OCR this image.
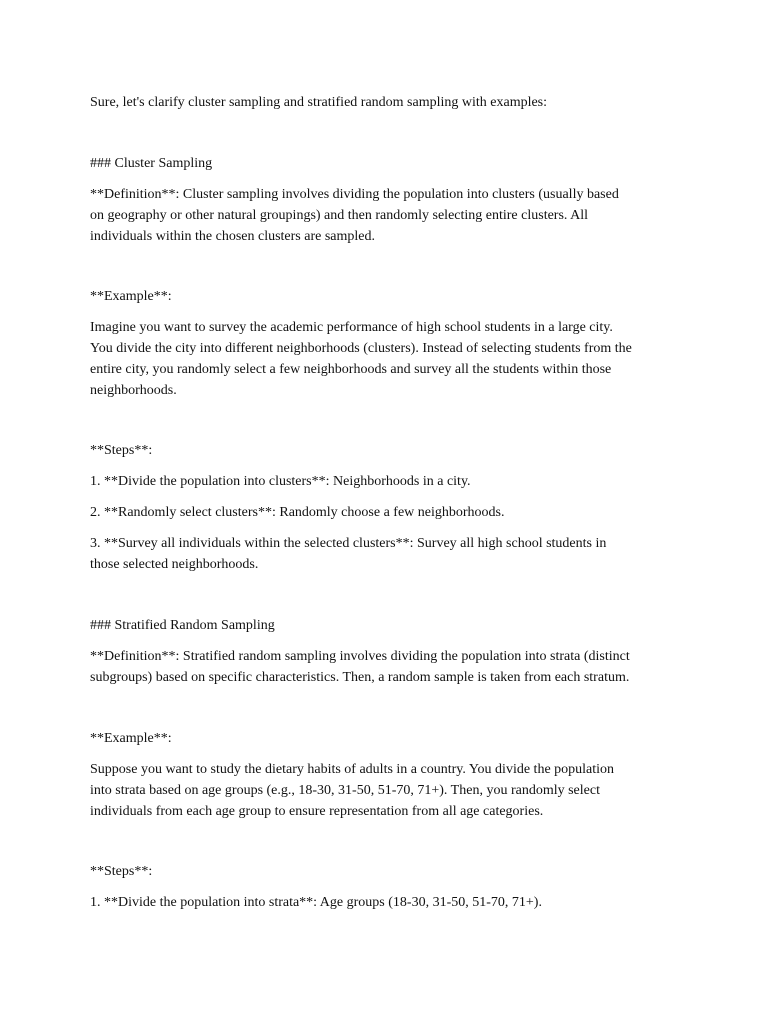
Sure, let's clarify cluster sampling and stratified random sampling with examples:

### Cluster Sampling

**Definition**: Cluster sampling involves dividing the population into clusters (usually based
on geography or other natural groupings) and then randomly selecting entire clusters. All
individuals within the chosen clusters are sampled.

**Example**:

Imagine you want to survey the academic performance of high school students in a large city.
You divide the city into different neighborhoods (clusters). Instead of selecting students from the
entire city, you randomly select a few neighborhoods and survey all the students within those
neighborhoods.

**Steps**:

1. **Divide the population into clusters**: Neighborhoods in a city.

2. **Randomly select clusters**: Randomly choose a few neighborhoods.

3. **Survey all individuals within the selected clusters**: Survey all high school students in
those selected neighborhoods.

### Stratified Random Sampling

**Definition**: Stratified random sampling involves dividing the population into strata (distinct
subgroups) based on specific characteristics. Then, a random sample is taken from each stratum.

**Example**:

Suppose you want to study the dietary habits of adults in a country. You divide the population
into strata based on age groups (e.g., 18-30, 31-50, 51-70, 71+). Then, you randomly select
individuals from each age group to ensure representation from all age categories.

**Steps**:

1. **Divide the population into strata**: Age groups (18-30, 31-50, 51-70, 71+).
